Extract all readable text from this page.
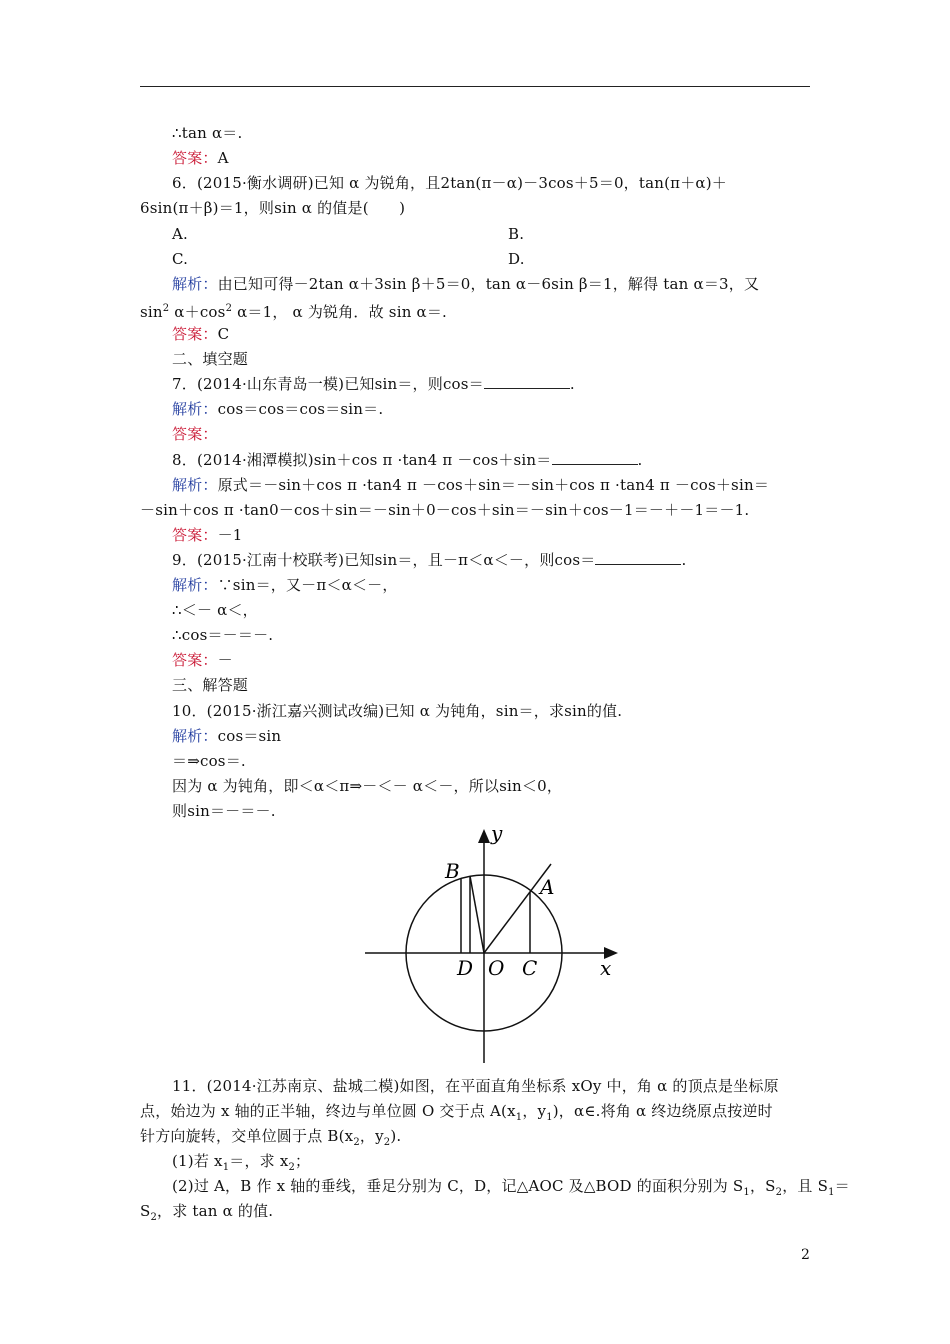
∴tan α＝.
答案：A
6．(2015·衡水调研)已知 α 为锐角，且2tan(π－α)－3cos＋5＝0，tan(π＋α)＋
6sin(π＋β)＝1，则sin α 的值是(　　)
A.	B.
C.	D.
解析：由已知可得－2tan α＋3sin β＋5＝0，tan α－6sin β＝1，解得 tan α＝3，又
$\sin^2 \alpha+\cos^2$ α＝1， α 为锐角．故 sin α＝.
答案：C
二、填空题
7．(2014·山东青岛一模)已知sin＝，则cos＝	.
解析：cos＝cos＝cos＝sin＝.
答案：
8．(2014·湘潭模拟)sin＋cos π ·tan4 π －cos＋sin＝	.
解析：原式＝－sin＋cos π ·tan4 π －cos＋sin＝－sin＋cos π ·tan4 π －cos＋sin＝
－sin＋cos π ·tan0－cos＋sin＝－sin＋0－cos＋sin＝－sin＋cos－1＝－＋－1＝－1.
答案：－1
9．(2015·江南十校联考)已知sin＝，且－π＜α＜－，则cos＝	.
解析：∵sin＝，又－π＜α＜－，
∴＜－ α＜，
∴cos＝－＝－.
答案：－
三、解答题
10．(2015·浙江嘉兴测试改编)已知 α 为钝角，sin＝，求sin的值.
解析：cos＝sin
＝⇒cos＝.
因为 α 为钝角，即＜α＜π⇒－＜－ α＜－，所以sin＜0，
则sin＝－＝－.
y
x
B
A
D O C
11．(2014·江苏南京、盐城二模)如图，在平面直角坐标系 xOy 中，角 α 的顶点是坐标原
点，始边为 x 轴的正半轴，终边与单位圆 O 交于点 $A(x_1$，$y_1$)，α∈.将角 α 终边绕原点按逆时
针方向旋转，交单位圆于点 $B(x_2$，$y_2$).
(1)若 $x_1=$，求 $x_2$；
(2)过 A，B 作 x 轴的垂线，垂足分别为 C，D，记△AOC 及△BOD 的面积分别为 $S_1$，$S_2$，且 $S_1=$
$S_2$，求 tan α 的值.
2
